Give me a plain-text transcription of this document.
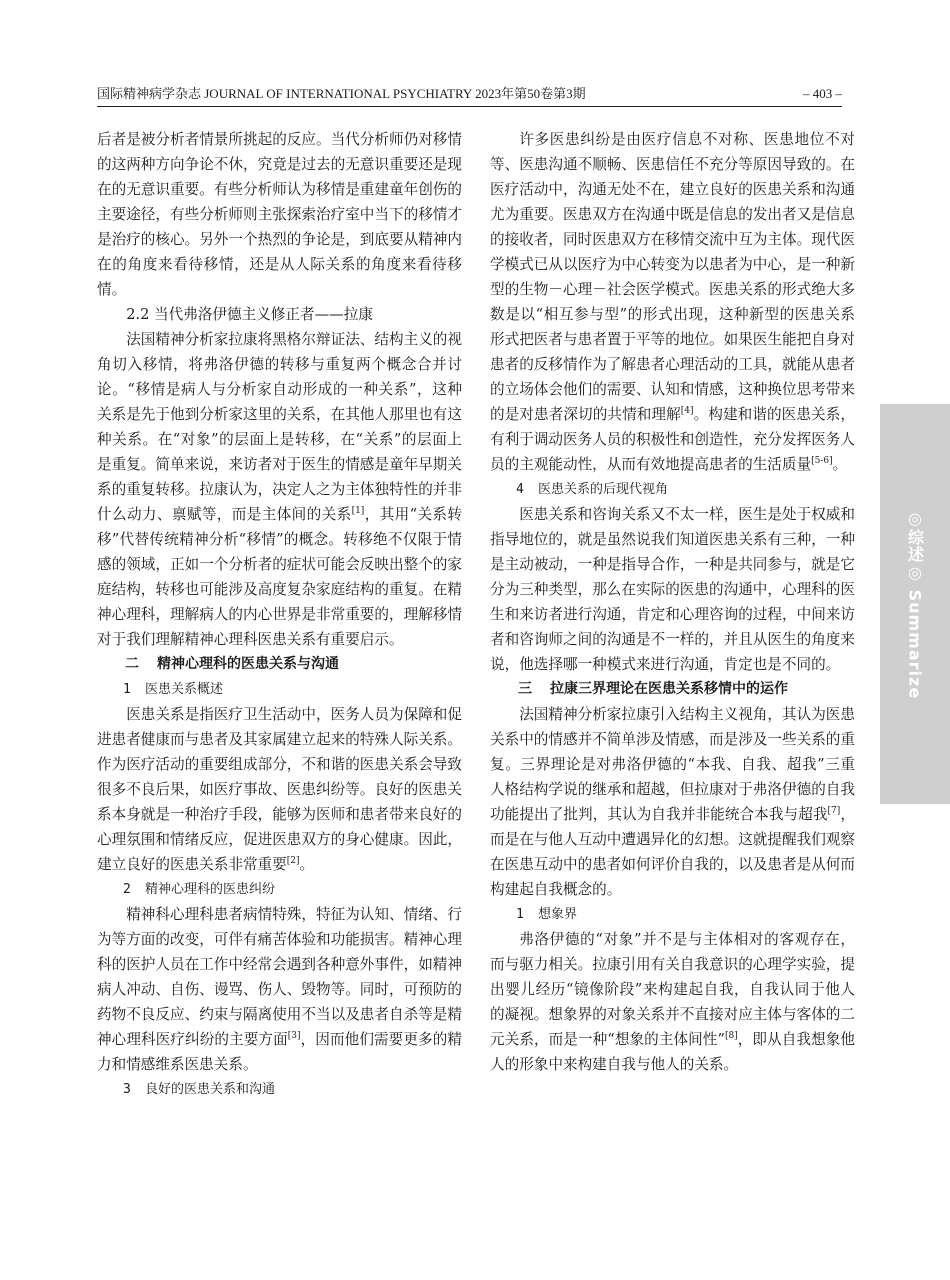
国际精神病学杂志 JOURNAL OF INTERNATIONAL PSYCHIATRY 2023年第50卷第3期	– 403 –

后者是被分析者情景所挑起的反应。当代分析师仍对移情的这两种方向争论不休，究竟是过去的无意识重要还是现在的无意识重要。有些分析师认为移情是重建童年创伤的主要途径，有些分析师则主张探索治疗室中当下的移情才是治疗的核心。另外一个热烈的争论是，到底要从精神内在的角度来看待移情，还是从人际关系的角度来看待移情。

2.2 当代弗洛伊德主义修正者——拉康

法国精神分析家拉康将黑格尔辩证法、结构主义的视角切入移情，将弗洛伊德的转移与重复两个概念合并讨论。“移情是病人与分析家自动形成的一种关系”，这种关系是先于他到分析家这里的关系，在其他人那里也有这种关系。在“对象”的层面上是转移，在“关系”的层面上是重复。简单来说，来访者对于医生的情感是童年早期关系的重复转移。拉康认为，决定人之为主体独特性的并非什么动力、禀赋等，而是主体间的关系[1]，其用“关系转移”代替传统精神分析“移情”的概念。转移绝不仅限于情感的领域，正如一个分析者的症状可能会反映出整个的家庭结构，转移也可能涉及高度复杂家庭结构的重复。在精神心理科，理解病人的内心世界是非常重要的，理解移情对于我们理解精神心理科医患关系有重要启示。

二 精神心理科的医患关系与沟通
1 医患关系概述

医患关系是指医疗卫生活动中，医务人员为保障和促进患者健康而与患者及其家属建立起来的特殊人际关系。作为医疗活动的重要组成部分，不和谐的医患关系会导致很多不良后果，如医疗事故、医患纠纷等。良好的医患关系本身就是一种治疗手段，能够为医师和患者带来良好的心理氛围和情绪反应，促进医患双方的身心健康。因此，建立良好的医患关系非常重要[2]。

2 精神心理科的医患纠纷

精神科心理科患者病情特殊，特征为认知、情绪、行为等方面的改变，可伴有痛苦体验和功能损害。精神心理科的医护人员在工作中经常会遇到各种意外事件，如精神病人冲动、自伤、谩骂、伤人、毁物等。同时，可预防的药物不良反应、约束与隔离使用不当以及患者自杀等是精神心理科医疗纠纷的主要方面[3]，因而他们需要更多的精力和情感维系医患关系。

3 良好的医患关系和沟通

许多医患纠纷是由医疗信息不对称、医患地位不对等、医患沟通不顺畅、医患信任不充分等原因导致的。在医疗活动中，沟通无处不在，建立良好的医患关系和沟通尤为重要。医患双方在沟通中既是信息的发出者又是信息的接收者，同时医患双方在移情交流中互为主体。现代医学模式已从以医疗为中心转变为以患者为中心，是一种新型的生物－心理－社会医学模式。医患关系的形式绝大多数是以“相互参与型”的形式出现，这种新型的医患关系形式把医者与患者置于平等的地位。如果医生能把自身对患者的反移情作为了解患者心理活动的工具，就能从患者的立场体会他们的需要、认知和情感，这种换位思考带来的是对患者深切的共情和理解[4]。构建和谐的医患关系，有利于调动医务人员的积极性和创造性，充分发挥医务人员的主观能动性，从而有效地提高患者的生活质量[5-6]。

4 医患关系的后现代视角

医患关系和咨询关系又不太一样，医生是处于权威和指导地位的，就是虽然说我们知道医患关系有三种，一种是主动被动，一种是指导合作，一种是共同参与，就是它分为三种类型，那么在实际的医患的沟通中，心理科的医生和来访者进行沟通，肯定和心理咨询的过程，中间来访者和咨询师之间的沟通是不一样的，并且从医生的角度来说，他选择哪一种模式来进行沟通，肯定也是不同的。

三 拉康三界理论在医患关系移情中的运作

法国精神分析家拉康引入结构主义视角，其认为医患关系中的情感并不简单涉及情感，而是涉及一些关系的重复。三界理论是对弗洛伊德的“本我、自我、超我”三重人格结构学说的继承和超越，但拉康对于弗洛伊德的自我功能提出了批判，其认为自我并非能统合本我与超我[7]，而是在与他人互动中遭遇异化的幻想。这就提醒我们观察在医患互动中的患者如何评价自我的，以及患者是从何而构建起自我概念的。

1 想象界

弗洛伊德的“对象”并不是与主体相对的客观存在，而与驱力相关。拉康引用有关自我意识的心理学实验，提出婴儿经历“镜像阶段”来构建起自我，自我认同于他人的凝视。想象界的对象关系并不直接对应主体与客体的二元关系，而是一种“想象的主体间性”[8]，即从自我想象他人的形象中来构建自我与他人的关系。

◎综述◎ Summarize
